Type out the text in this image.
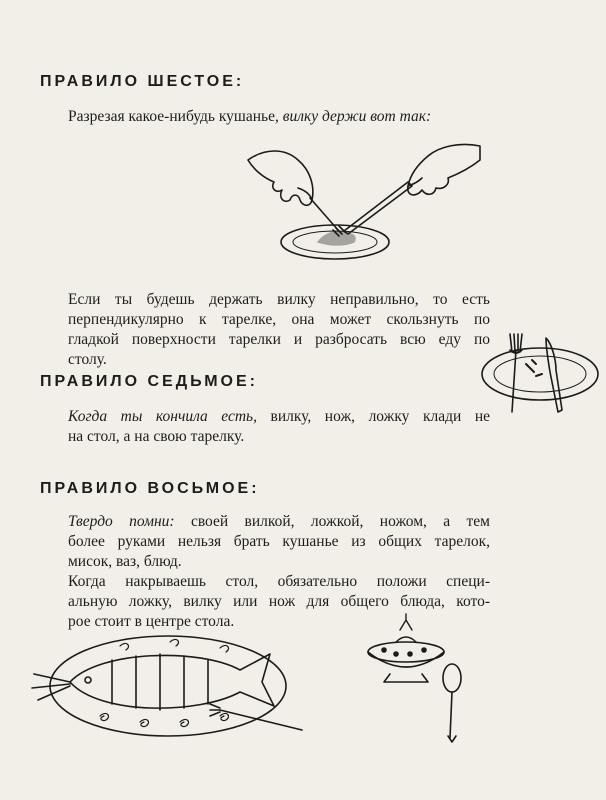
ПРАВИЛО ШЕСТОЕ:
Разрезая какое-нибудь кушанье, вилку держи вот так:
Если ты будешь держать вилку неправильно, то есть
перпендикулярно к тарелке, она может скользнуть по
гладкой поверхности тарелки и разбросать всю еду по
столу.
ПРАВИЛО СЕДЬМОЕ:
Когда ты кончила есть, вилку, нож, ложку клади не
на стол, а на свою тарелку.
ПРАВИЛО ВОСЬМОЕ:
Твердо помни: своей вилкой, ложкой, ножом, а тем
более руками нельзя брать кушанье из общих тарелок,
мисок, ваз, блюд.
Когда накрываешь стол, обязательно положи специ-
альную ложку, вилку или нож для общего блюда, кото-
рое стоит в центре стола.
